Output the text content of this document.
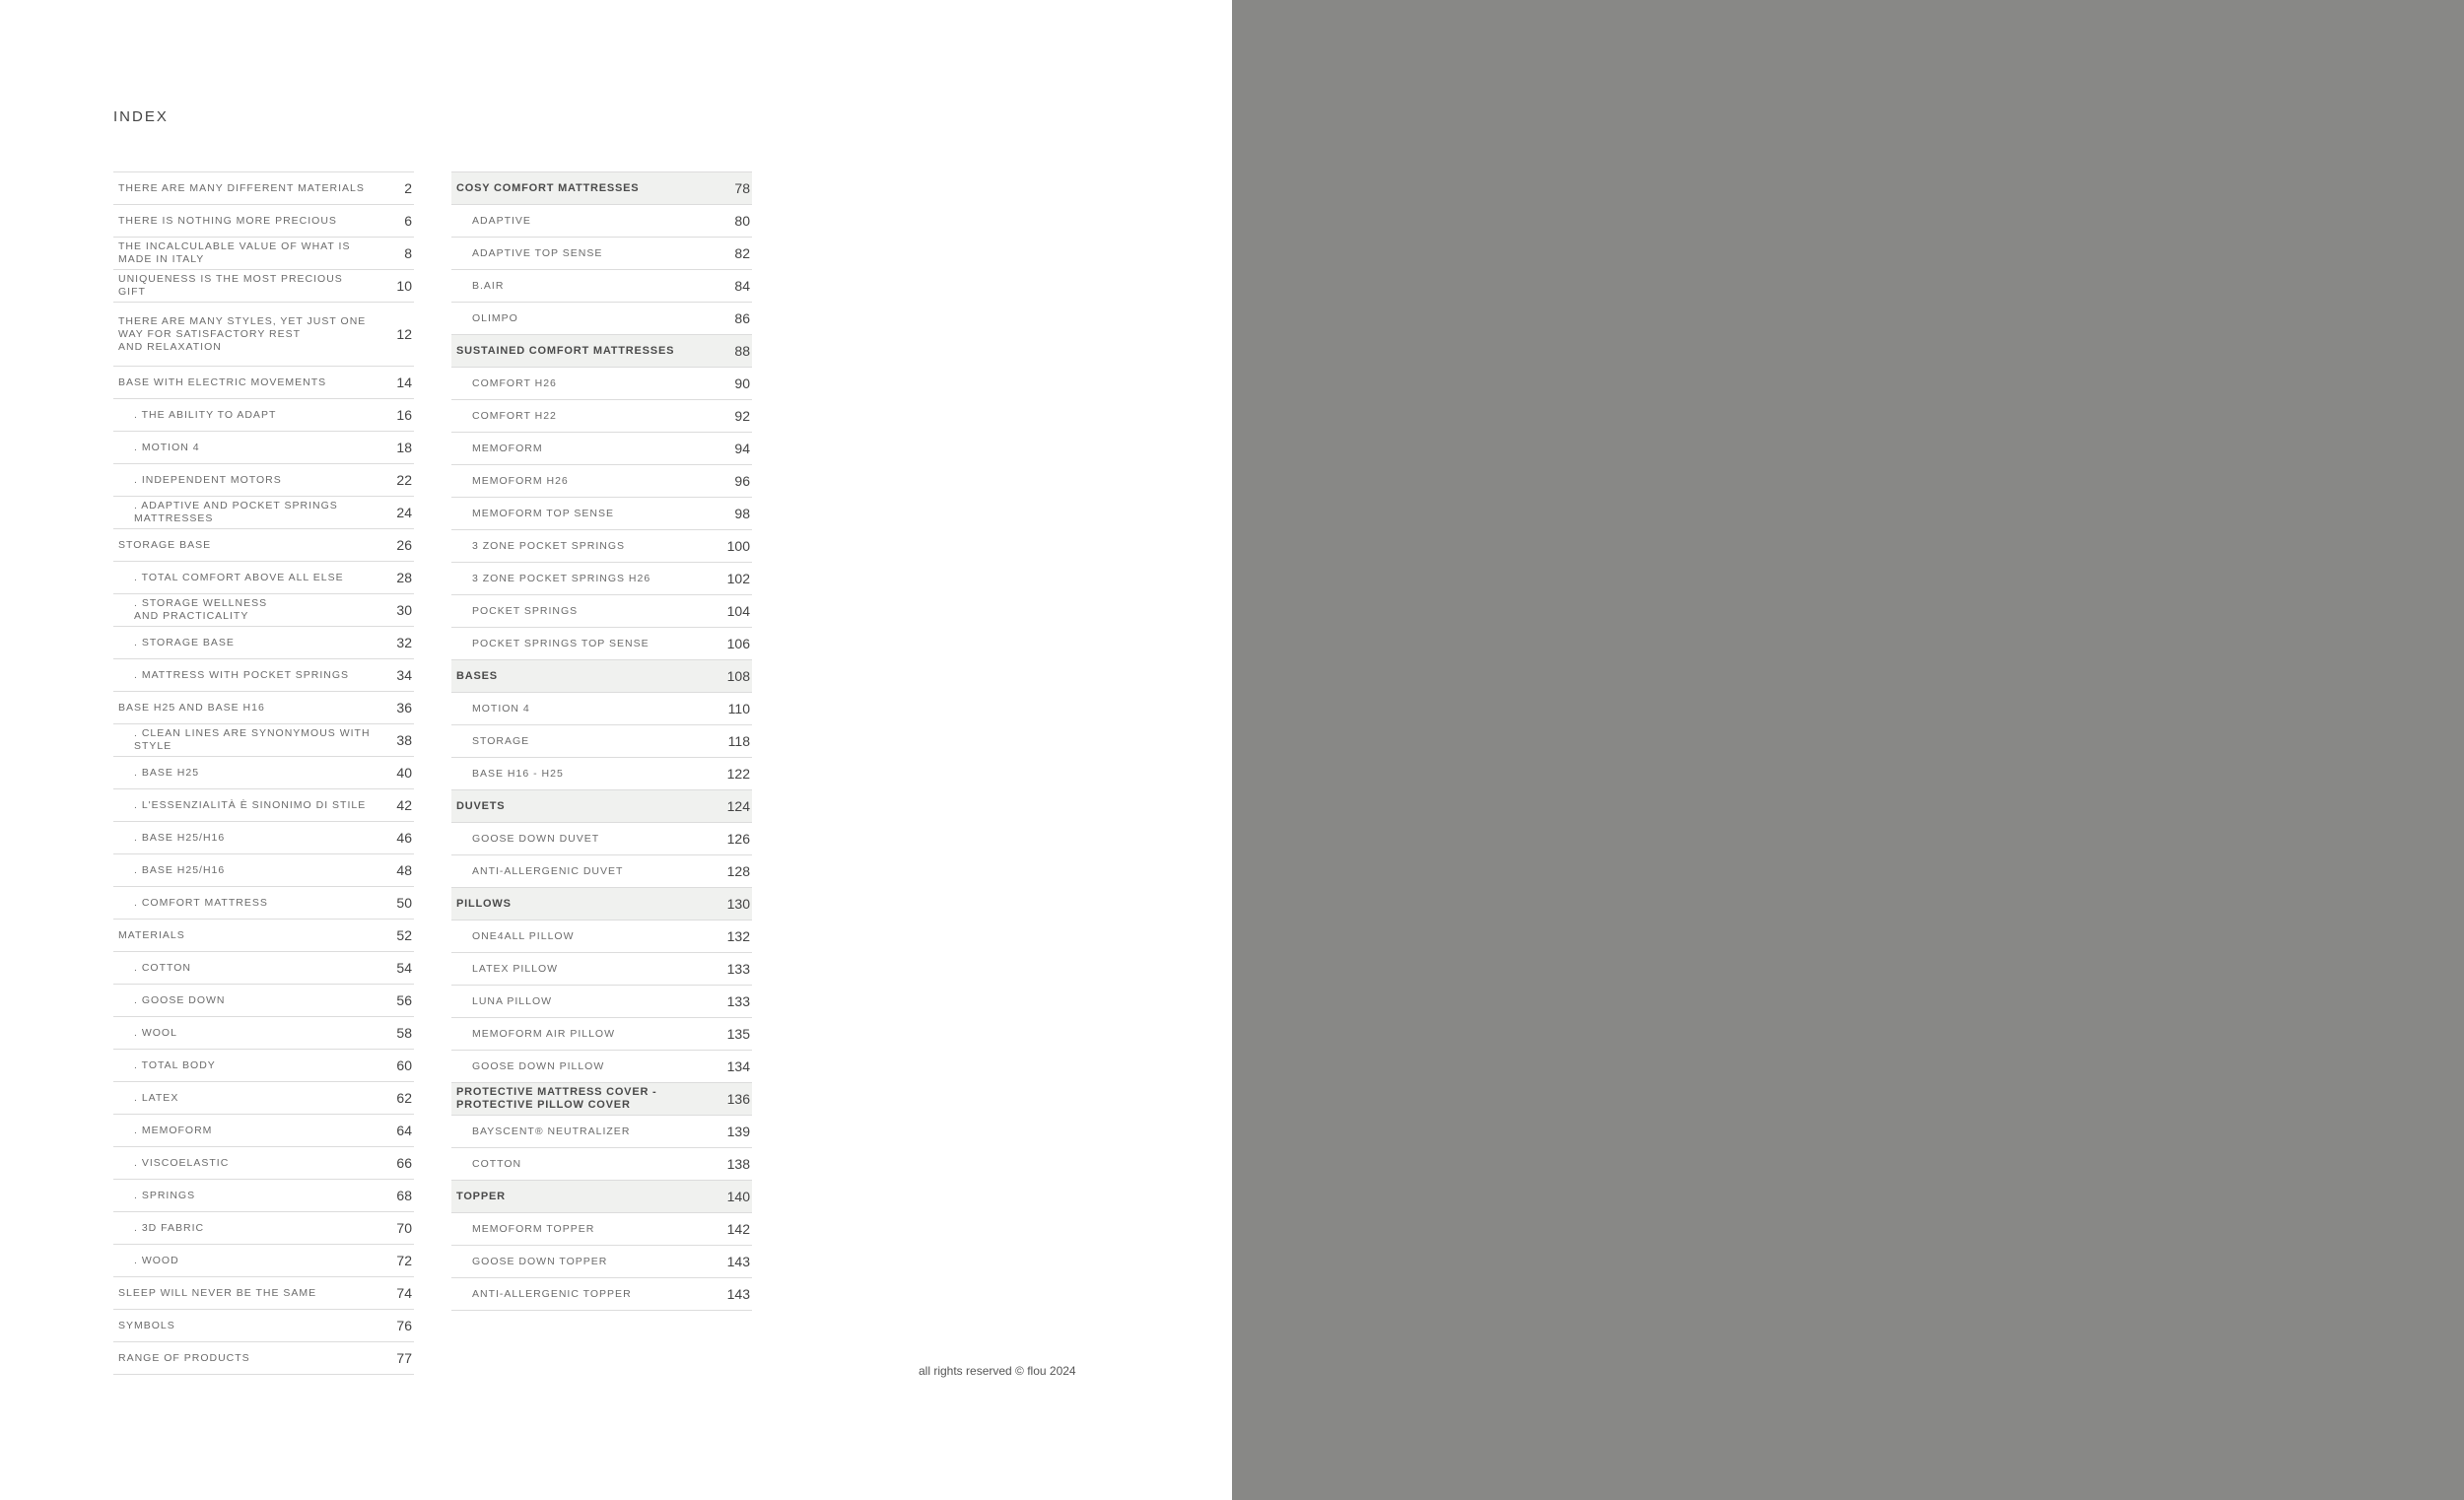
INDEX
THERE ARE MANY DIFFERENT MATERIALS	2
THERE IS NOTHING MORE PRECIOUS	6
THE INCALCULABLE VALUE OF WHAT IS
MADE IN ITALY	8
UNIQUENESS IS THE MOST PRECIOUS GIFT	10
THERE ARE MANY STYLES, YET JUST ONE
WAY FOR SATISFACTORY REST
AND RELAXATION
12
BASE WITH ELECTRIC MOVEMENTS	14
. THE ABILITY TO ADAPT	16
. MOTION 4	18
. INDEPENDENT MOTORS	22
. ADAPTIVE AND POCKET SPRINGS
MATTRESSES	24
STORAGE BASE	26
. TOTAL COMFORT ABOVE ALL ELSE	28
. STORAGE WELLNESS
AND PRACTICALITY	30
. STORAGE BASE	32
. MATTRESS WITH POCKET SPRINGS	34
BASE H25 AND BASE H16	36
. CLEAN LINES ARE SYNONYMOUS WITH
STYLE	38
. BASE H25	40
. L'ESSENZIALITÀ È SINONIMO DI STILE	42
. BASE H25/H16	46
. BASE H25/H16	48
. COMFORT MATTRESS	50
MATERIALS	52
. COTTON	54
. GOOSE DOWN	56
. WOOL	58
. TOTAL BODY	60
. LATEX	62
. MEMOFORM	64
. VISCOELASTIC	66
. SPRINGS	68
. 3D FABRIC	70
. WOOD	72
SLEEP WILL NEVER BE THE SAME	74
SYMBOLS	76
RANGE OF PRODUCTS	77
COSY COMFORT MATTRESSES	78
ADAPTIVE	80
ADAPTIVE TOP SENSE	82
B.AIR	84
OLIMPO	86
SUSTAINED COMFORT MATTRESSES	88
COMFORT H26	90
COMFORT H22	92
MEMOFORM	94
MEMOFORM H26	96
MEMOFORM TOP SENSE	98
3 ZONE POCKET SPRINGS	100
3 ZONE POCKET SPRINGS H26	102
POCKET SPRINGS	104
POCKET SPRINGS TOP SENSE	106
BASES	108
MOTION 4	110
STORAGE	118
BASE H16 - H25	122
DUVETS	124
GOOSE DOWN DUVET	126
ANTI-ALLERGENIC DUVET	128
PILLOWS	130
ONE4ALL PILLOW	132
LATEX PILLOW	133
LUNA PILLOW	133
MEMOFORM AIR PILLOW	135
GOOSE DOWN PILLOW	134
PROTECTIVE MATTRESS COVER -
PROTECTIVE PILLOW COVER	136
BAYSCENT® NEUTRALIZER	139
COTTON	138
TOPPER	140
MEMOFORM TOPPER	142
GOOSE DOWN TOPPER	143
ANTI-ALLERGENIC TOPPER	143
all rights reserved © flou 2024
